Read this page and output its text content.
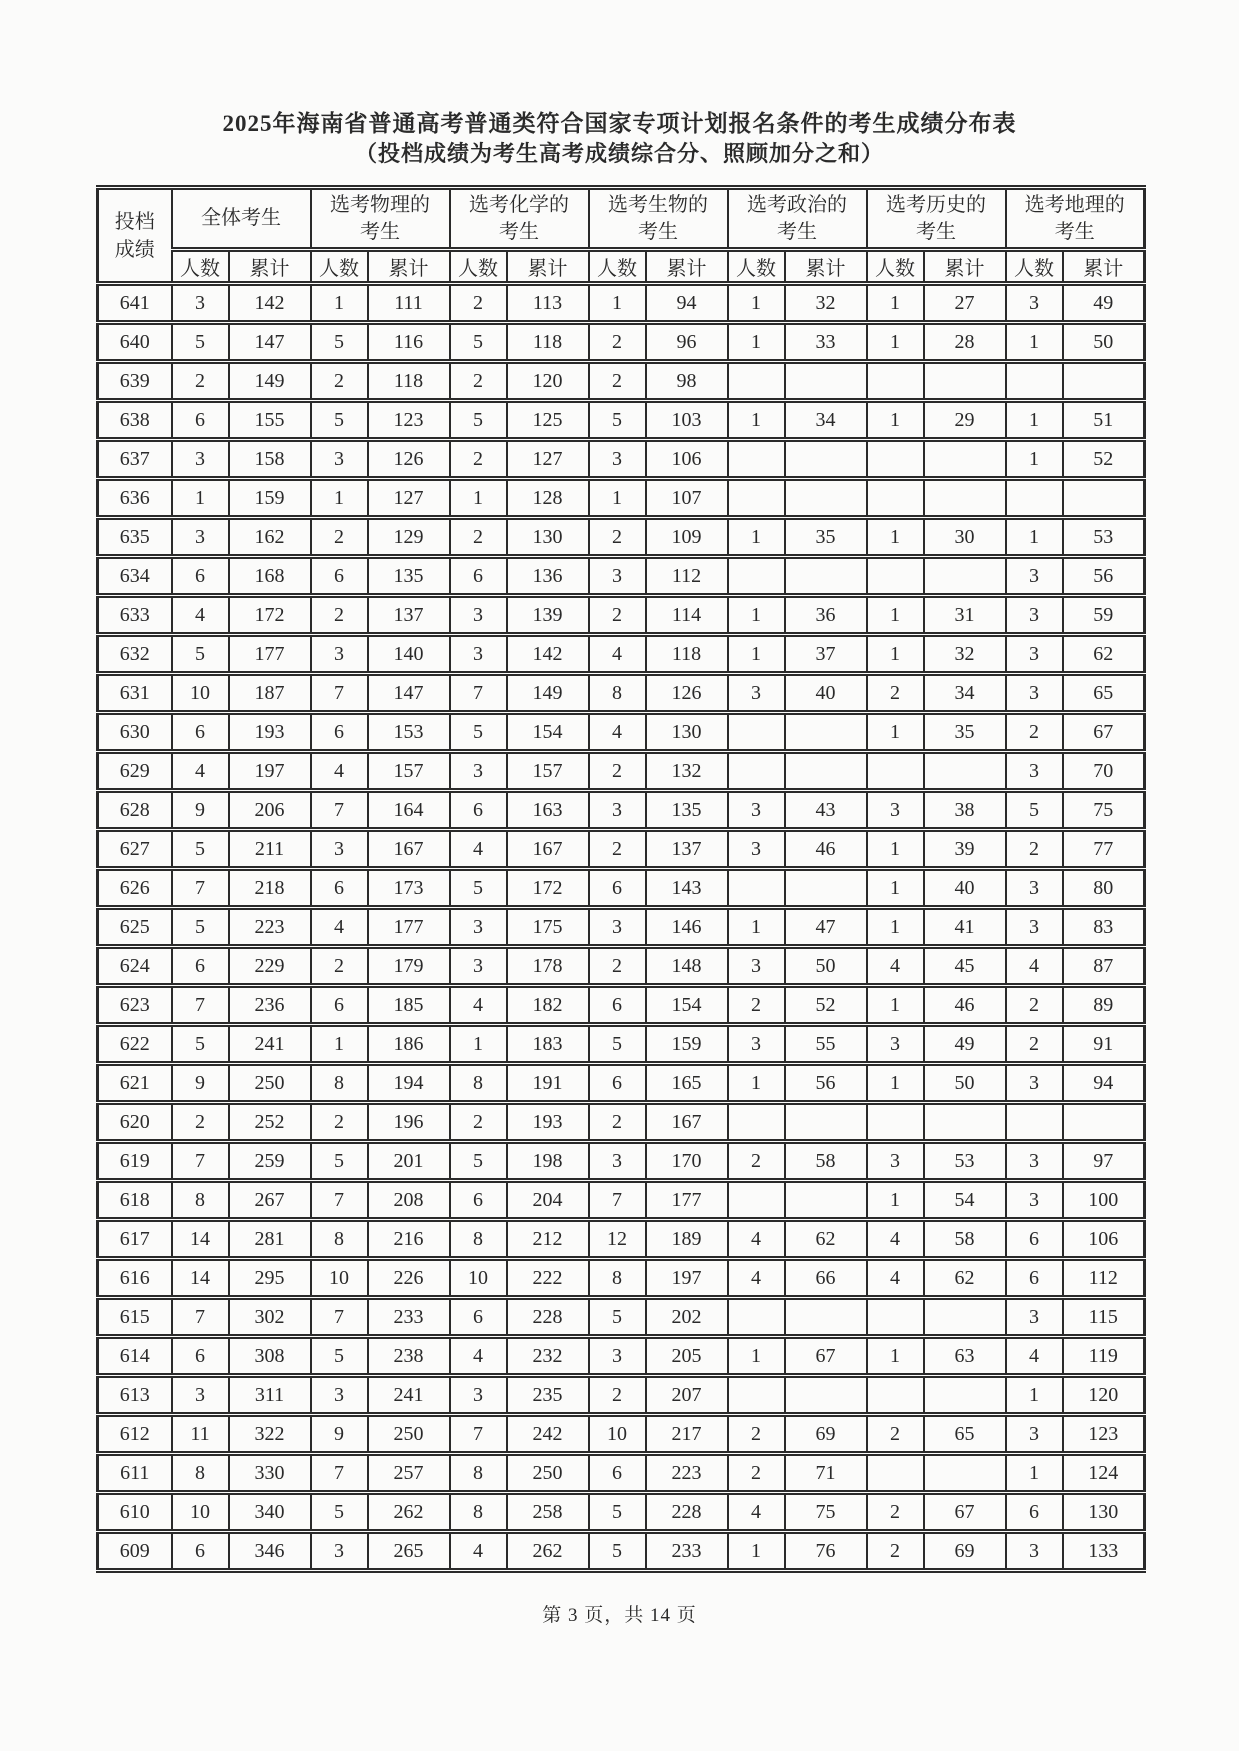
2025年海南省普通高考普通类符合国家专项计划报名条件的考生成绩分布表
（投档成绩为考生高考成绩综合分、照顾加分之和）
投档成绩	全体考生		选考物理的考生		选考化学的考生		选考生物的考生		选考政治的考生		选考历史的考生		选考地理的考生	
	人数	累计	人数	累计	人数	累计	人数	累计	人数	累计	人数	累计	人数	累计
641	3	142	1	111	2	113	1	94	1	32	1	27	3	49
640	5	147	5	116	5	118	2	96	1	33	1	28	1	50
639	2	149	2	118	2	120	2	98						
638	6	155	5	123	5	125	5	103	1	34	1	29	1	51
637	3	158	3	126	2	127	3	106					1	52
636	1	159	1	127	1	128	1	107						
635	3	162	2	129	2	130	2	109	1	35	1	30	1	53
634	6	168	6	135	6	136	3	112					3	56
633	4	172	2	137	3	139	2	114	1	36	1	31	3	59
632	5	177	3	140	3	142	4	118	1	37	1	32	3	62
631	10	187	7	147	7	149	8	126	3	40	2	34	3	65
630	6	193	6	153	5	154	4	130			1	35	2	67
629	4	197	4	157	3	157	2	132					3	70
628	9	206	7	164	6	163	3	135	3	43	3	38	5	75
627	5	211	3	167	4	167	2	137	3	46	1	39	2	77
626	7	218	6	173	5	172	6	143			1	40	3	80
625	5	223	4	177	3	175	3	146	1	47	1	41	3	83
624	6	229	2	179	3	178	2	148	3	50	4	45	4	87
623	7	236	6	185	4	182	6	154	2	52	1	46	2	89
622	5	241	1	186	1	183	5	159	3	55	3	49	2	91
621	9	250	8	194	8	191	6	165	1	56	1	50	3	94
620	2	252	2	196	2	193	2	167						
619	7	259	5	201	5	198	3	170	2	58	3	53	3	97
618	8	267	7	208	6	204	7	177			1	54	3	100
617	14	281	8	216	8	212	12	189	4	62	4	58	6	106
616	14	295	10	226	10	222	8	197	4	66	4	62	6	112
615	7	302	7	233	6	228	5	202					3	115
614	6	308	5	238	4	232	3	205	1	67	1	63	4	119
613	3	311	3	241	3	235	2	207					1	120
612	11	322	9	250	7	242	10	217	2	69	2	65	3	123
611	8	330	7	257	8	250	6	223	2	71			1	124
610	10	340	5	262	8	258	5	228	4	75	2	67	6	130
609	6	346	3	265	4	262	5	233	1	76	2	69	3	133
第 3 页，共 14 页
